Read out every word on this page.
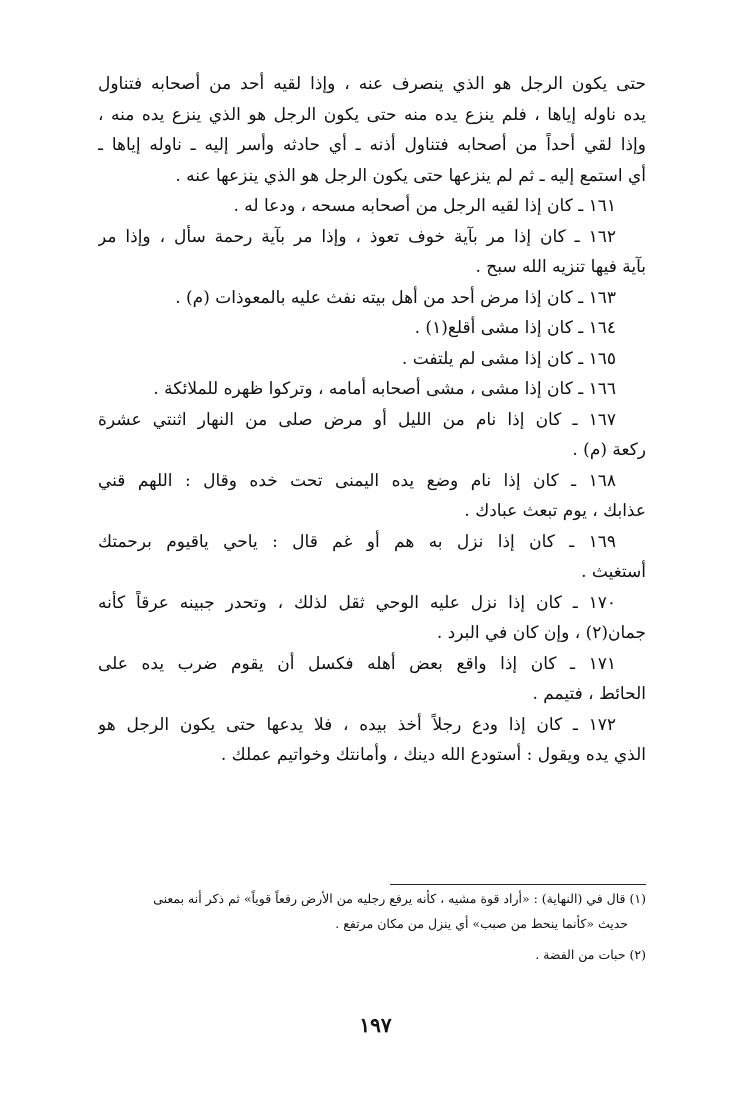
حتى يكون الرجل هو الذي ينصرف عنه ، وإذا لقيه أحد من أصحابه فتناول
يده ناوله إياها ، فلم ينزع يده منه حتى يكون الرجل هو الذي ينزع يده منه ،
وإذا لقي أحداً من أصحابه فتناول أذنه ـ أي حادثه وأسر إليه ـ ناوله إياها ـ
أي استمع إليه ـ ثم لم ينزعها حتى يكون الرجل هو الذي ينزعها عنه .
١٦١ ـ كان إذا لقيه الرجل من أصحابه مسحه ، ودعا له .
١٦٢ ـ كان إذا مر بآية خوف تعوذ ، وإذا مر بآية رحمة سأل ، وإذا مر
بآية فيها تنزيه الله سبح .
١٦٣ ـ كان إذا مرض أحد من أهل بيته نفث عليه بالمعوذات (م) .
١٦٤ ـ كان إذا مشى أقلع(١) .
١٦٥ ـ كان إذا مشى لم يلتفت .
١٦٦ ـ كان إذا مشى ، مشى أصحابه أمامه ، وتركوا ظهره للملائكة .
١٦٧ ـ كان إذا نام من الليل أو مرض صلى من النهار اثنتي عشرة
ركعة (م) .
١٦٨ ـ كان إذا نام وضع يده اليمنى تحت خده وقال : اللهم قني
عذابك ، يوم تبعث عبادك .
١٦٩ ـ كان إذا نزل به هم أو غم قال : ياحي ياقيوم برحمتك
أستغيث .
١٧٠ ـ كان إذا نزل عليه الوحي ثقل لذلك ، وتحدر جبينه عرقاً كأنه
جمان(٢) ، وإن كان في البرد .
١٧١ ـ كان إذا واقع بعض أهله فكسل أن يقوم ضرب يده على
الحائط ، فتيمم .
١٧٢ ـ كان إذا ودع رجلاً أخذ بيده ، فلا يدعها حتى يكون الرجل هو
الذي يده ويقول : أستودع الله دينك ، وأمانتك وخواتيم عملك .
(١) قال في (النهاية) : «أراد قوة مشيه ، كأنه يرفع رجليه من الأرض رفعاً قوياً» ثم ذكر أنه بمعنى
حديث «كأنما ينحط من صبب» أي ينزل من مكان مرتفع .
(٢) حبات من الفضة .
١٩٧
